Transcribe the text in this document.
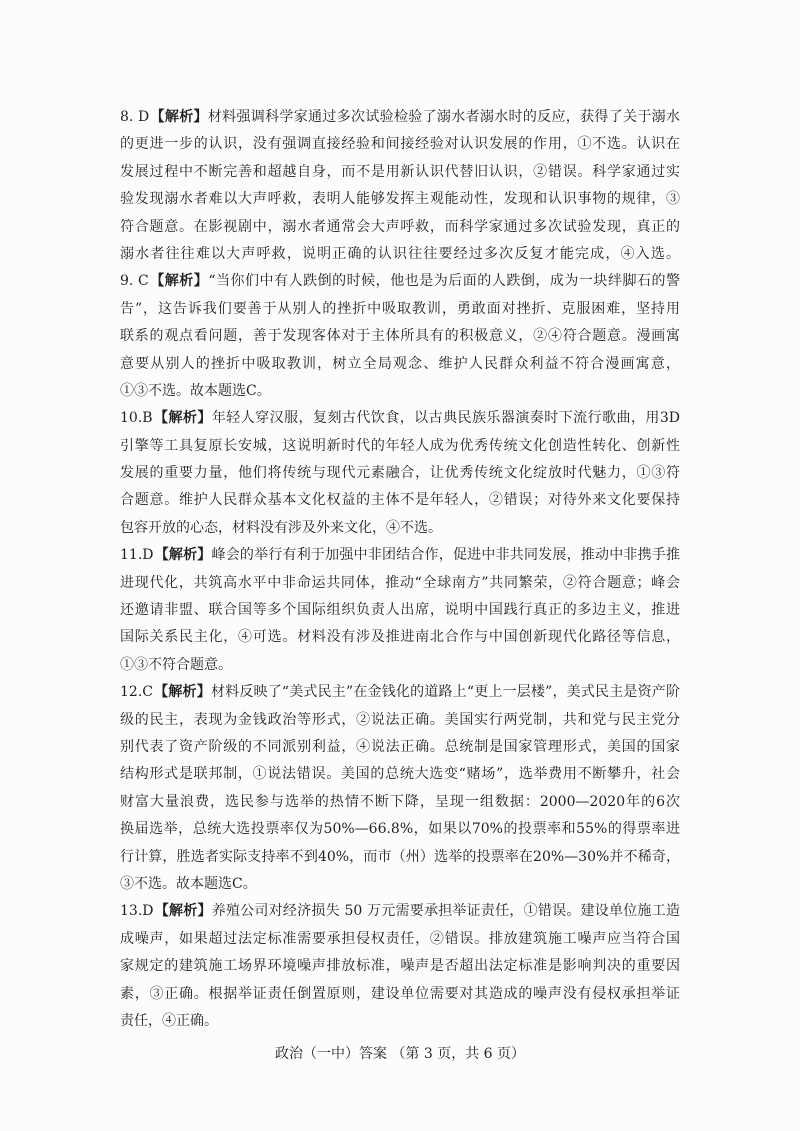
8. D【解析】材料强调科学家通过多次试验检验了溺水者溺水时的反应，获得了关于溺水
的更进一步的认识，没有强调直接经验和间接经验对认识发展的作用，①不选。认识在
发展过程中不断完善和超越自身，而不是用新认识代替旧认识，②错误。科学家通过实
验发现溺水者难以大声呼救，表明人能够发挥主观能动性，发现和认识事物的规律，③
符合题意。在影视剧中，溺水者通常会大声呼救，而科学家通过多次试验发现，真正的
溺水者往往难以大声呼救，说明正确的认识往往要经过多次反复才能完成，④入选。
9. C【解析】“当你们中有人跌倒的时候，他也是为后面的人跌倒，成为一块绊脚石的警
告”，这告诉我们要善于从别人的挫折中吸取教训，勇敢面对挫折、克服困难，坚持用
联系的观点看问题，善于发现客体对于主体所具有的积极意义，②④符合题意。漫画寓
意要从别人的挫折中吸取教训，树立全局观念、维护人民群众利益不符合漫画寓意，
①③不选。故本题选C。
10.B【解析】年轻人穿汉服，复刻古代饮食，以古典民族乐器演奏时下流行歌曲，用3D
引擎等工具复原长安城，这说明新时代的年轻人成为优秀传统文化创造性转化、创新性
发展的重要力量，他们将传统与现代元素融合，让优秀传统文化绽放时代魅力，①③符
合题意。维护人民群众基本文化权益的主体不是年轻人，②错误；对待外来文化要保持
包容开放的心态，材料没有涉及外来文化，④不选。
11.D【解析】峰会的举行有利于加强中非团结合作，促进中非共同发展，推动中非携手推
进现代化，共筑高水平中非命运共同体，推动“全球南方”共同繁荣，②符合题意；峰会
还邀请非盟、联合国等多个国际组织负责人出席，说明中国践行真正的多边主义，推进
国际关系民主化，④可选。材料没有涉及推进南北合作与中国创新现代化路径等信息，
①③不符合题意。
12.C【解析】材料反映了“美式民主”在金钱化的道路上“更上一层楼”，美式民主是资产阶
级的民主，表现为金钱政治等形式，②说法正确。美国实行两党制，共和党与民主党分
别代表了资产阶级的不同派别利益，④说法正确。总统制是国家管理形式，美国的国家
结构形式是联邦制，①说法错误。美国的总统大选变“赌场”，选举费用不断攀升，社会
财富大量浪费，选民参与选举的热情不断下降，呈现一组数据：2000—2020年的6次
换届选举，总统大选投票率仅为50%—66.8%，如果以70%的投票率和55%的得票率进
行计算，胜选者实际支持率不到40%，而市（州）选举的投票率在20%—30%并不稀奇，
③不选。故本题选C。
13.D【解析】养殖公司对经济损失 50 万元需要承担举证责任，①错误。建设单位施工造
成噪声，如果超过法定标准需要承担侵权责任，②错误。排放建筑施工噪声应当符合国
家规定的建筑施工场界环境噪声排放标准，噪声是否超出法定标准是影响判决的重要因
素，③正确。根据举证责任倒置原则，建设单位需要对其造成的噪声没有侵权承担举证
责任，④正确。
政治（一中）答案 （第 3 页，共 6 页）
